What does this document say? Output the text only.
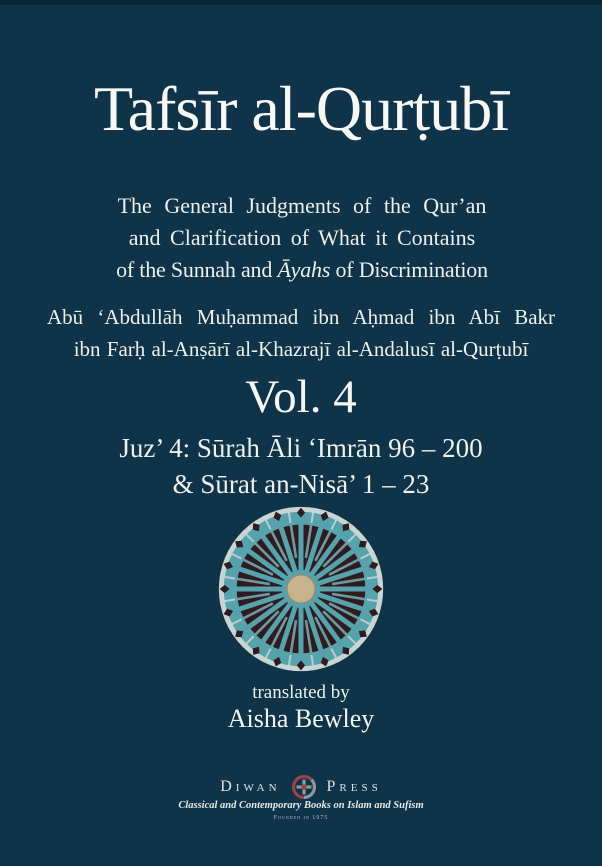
Tafsīr al-Qurṭubī
The General Judgments of the Qur’an
and Clarification of What it Contains
of the Sunnah and Āyahs of Discrimination
Abū ‘Abdullāh Muḥammad ibn Aḥmad ibn Abī Bakr
ibn Farḥ al-Anṣārī al-Khazrajī al-Andalusī al-Qurṭubī
Vol. 4
Juz’ 4: Sūrah Āli ‘Imrān 96 – 200
& Sūrat an-Nisā’ 1 – 23
translated by
Aisha Bewley
Diwan	Press
Classical and Contemporary Books on Islam and Sufism
Founded in 1975
